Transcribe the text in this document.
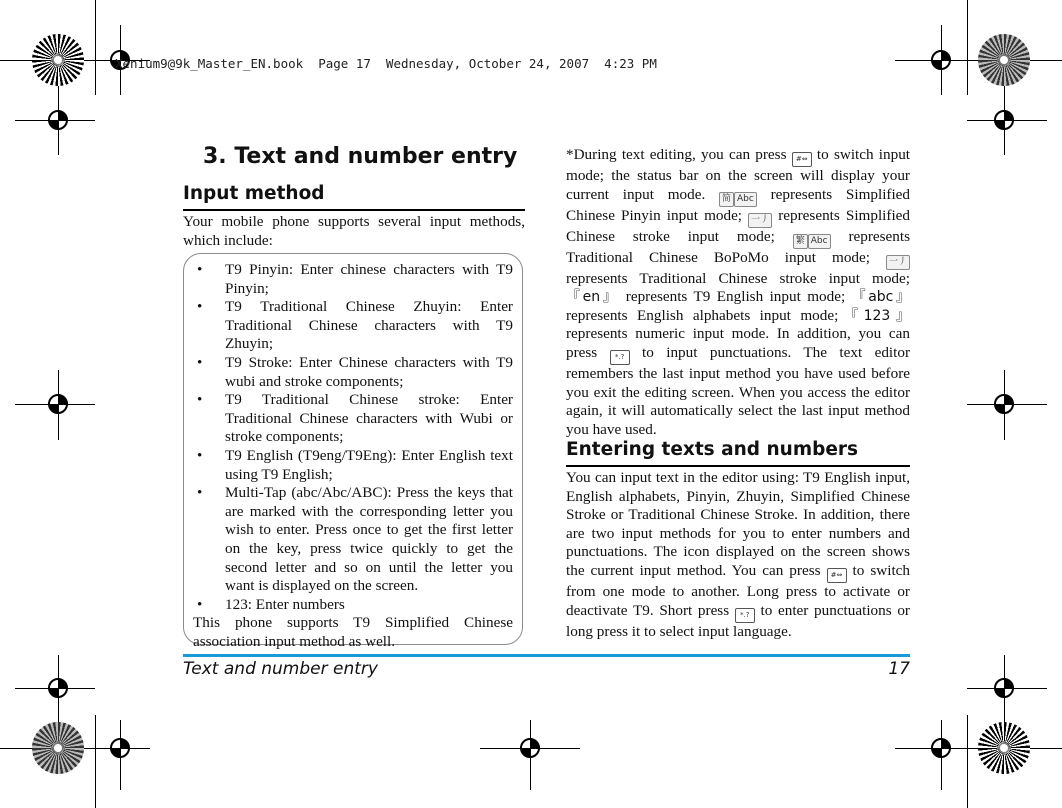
Xenium9@9k_Master_EN.book  Page 17  Wednesday, October 24, 2007  4:23 PM
3. Text and number entry
Input method
Your mobile phone supports several input methods, which include:
• T9 Pinyin: Enter chinese characters with T9 Pinyin;
• T9 Traditional Chinese Zhuyin: Enter Traditional Chinese characters with T9 Zhuyin;
• T9 Stroke: Enter Chinese characters with T9 wubi and stroke components;
• T9 Traditional Chinese stroke: Enter Traditional Chinese characters with Wubi or stroke components;
• T9 English (T9eng/T9Eng): Enter English text using T9 English;
• Multi-Tap (abc/Abc/ABC): Press the keys that are marked with the corresponding letter you wish to enter. Press once to get the first letter on the key, press twice quickly to get the second letter and so on until the letter you want is displayed on the screen.
• 123: Enter numbers
This phone supports T9 Simplified Chinese association input method as well.
*During text editing, you can press #⇔ to switch input mode; the status bar on the screen will display your current input mode. 简 Abc represents Simplified Chinese Pinyin input mode; 一丿 represents Simplified Chinese stroke input mode; 繁 Abc represents Traditional Chinese BoPoMo input mode; 一丿 represents Traditional Chinese stroke input mode; 『en』 represents T9 English input mode; 『abc』 represents English alphabets input mode;『123』represents numeric input mode. In addition, you can press	*.? to input punctuations. The text editor remembers the last input method you have used before you exit the editing screen. When you access the editor again, it will automatically select the last input method you have used.
Entering texts and numbers
You can input text in the editor using: T9 English input, English alphabets, Pinyin, Zhuyin, Simplified Chinese Stroke or Traditional Chinese Stroke. In addition, there are two input methods for you to enter numbers and punctuations. The icon displayed on the screen shows the current input method. You can press #⇔ to switch from one mode to another. Long press to activate or deactivate T9. Short press *.? to enter punctuations or long press it to select input language.
Text and number entry	17
